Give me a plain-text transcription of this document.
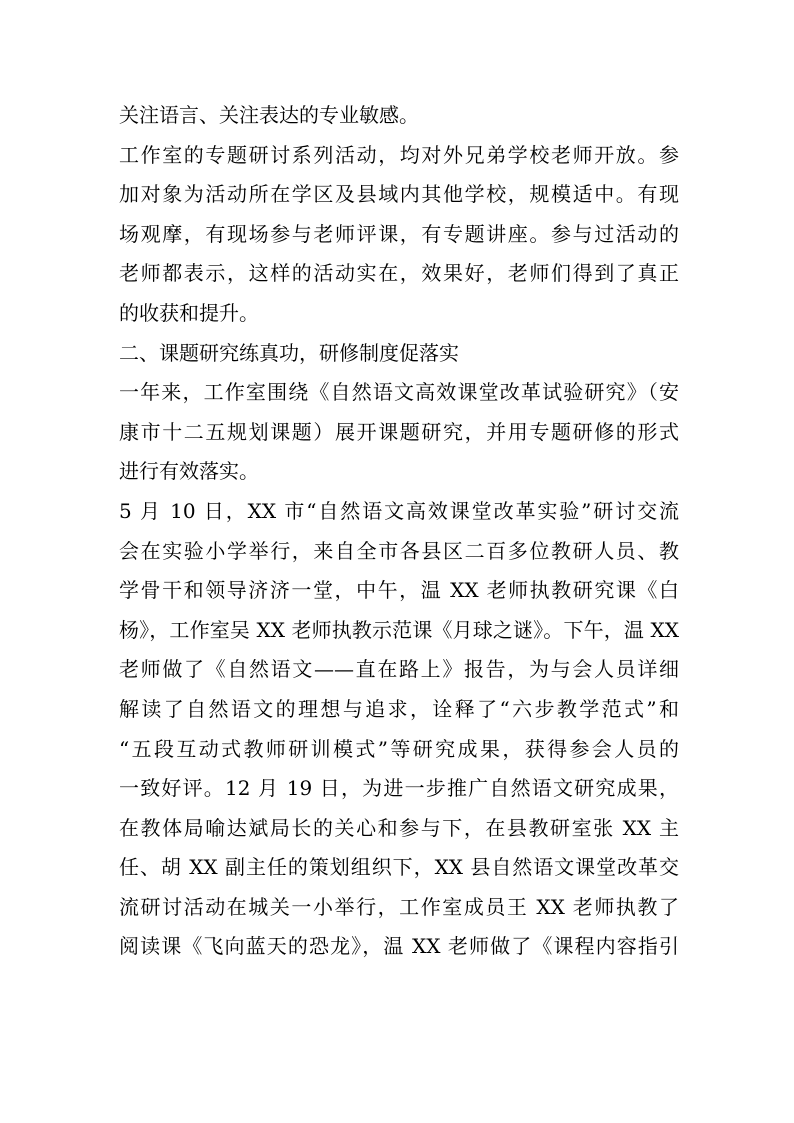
关注语言、关注表达的专业敏感。
工作室的专题研讨系列活动，均对外兄弟学校老师开放。参
加对象为活动所在学区及县域内其他学校，规模适中。有现
场观摩，有现场参与老师评课，有专题讲座。参与过活动的
老师都表示，这样的活动实在，效果好，老师们得到了真正
的收获和提升。
二、课题研究练真功，研修制度促落实
一年来，工作室围绕《自然语文高效课堂改革试验研究》（安
康市十二五规划课题）展开课题研究，并用专题研修的形式
进行有效落实。
5 月 10 日，XX 市“自然语文高效课堂改革实验”研讨交流
会在实验小学举行，来自全市各县区二百多位教研人员、教
学骨干和领导济济一堂，中午，温 XX 老师执教研究课《白
杨》，工作室吴 XX 老师执教示范课《月球之谜》。下午，温 XX
老师做了《自然语文——直在路上》报告，为与会人员详细
解读了自然语文的理想与追求，诠释了“六步教学范式”和
“五段互动式教师研训模式”等研究成果，获得参会人员的
一致好评。12 月 19 日，为进一步推广自然语文研究成果，
在教体局喻达斌局长的关心和参与下，在县教研室张 XX 主
任、胡 XX 副主任的策划组织下，XX 县自然语文课堂改革交
流研讨活动在城关一小举行，工作室成员王 XX 老师执教了
阅读课《飞向蓝天的恐龙》，温 XX 老师做了《课程内容指引
